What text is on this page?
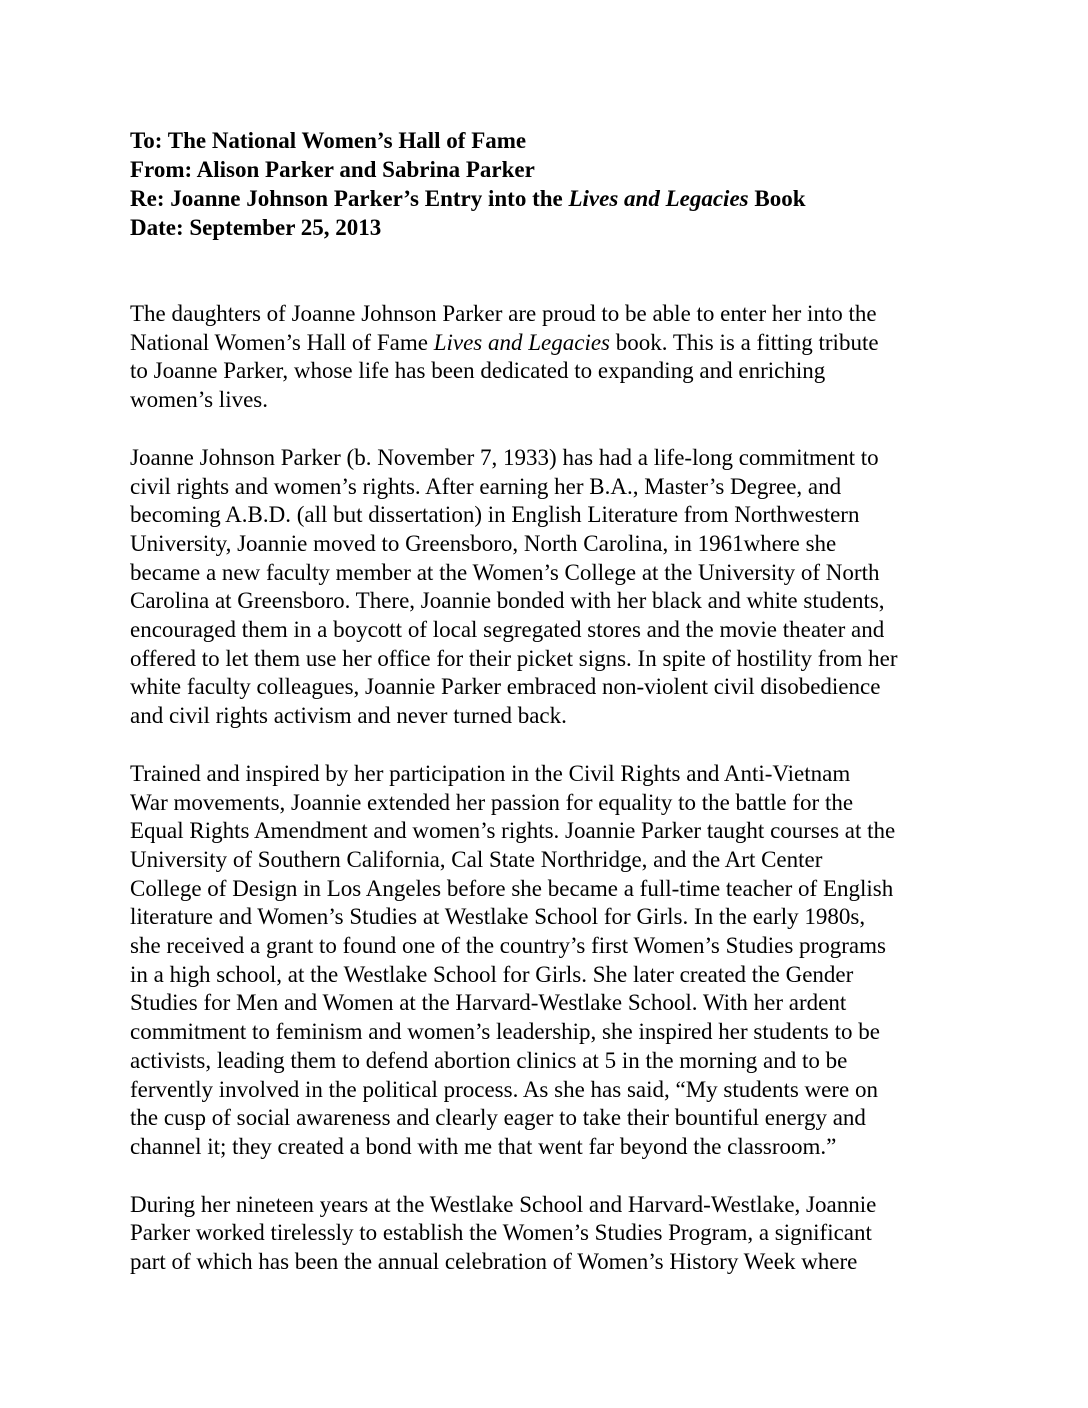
To: The National Women’s Hall of Fame
From: Alison Parker and Sabrina Parker
Re: Joanne Johnson Parker’s Entry into the Lives and Legacies Book
Date: September 25, 2013

The daughters of Joanne Johnson Parker are proud to be able to enter her into the
National Women’s Hall of Fame Lives and Legacies book. This is a fitting tribute
to Joanne Parker, whose life has been dedicated to expanding and enriching
women’s lives.

Joanne Johnson Parker (b. November 7, 1933) has had a life-long commitment to
civil rights and women’s rights. After earning her B.A., Master’s Degree, and
becoming A.B.D. (all but dissertation) in English Literature from Northwestern
University, Joannie moved to Greensboro, North Carolina, in 1961where she
became a new faculty member at the Women’s College at the University of North
Carolina at Greensboro. There, Joannie bonded with her black and white students,
encouraged them in a boycott of local segregated stores and the movie theater and
offered to let them use her office for their picket signs. In spite of hostility from her
white faculty colleagues, Joannie Parker embraced non-violent civil disobedience
and civil rights activism and never turned back.

Trained and inspired by her participation in the Civil Rights and Anti-Vietnam
War movements, Joannie extended her passion for equality to the battle for the
Equal Rights Amendment and women’s rights. Joannie Parker taught courses at the
University of Southern California, Cal State Northridge, and the Art Center
College of Design in Los Angeles before she became a full-time teacher of English
literature and Women’s Studies at Westlake School for Girls. In the early 1980s,
she received a grant to found one of the country’s first Women’s Studies programs
in a high school, at the Westlake School for Girls. She later created the Gender
Studies for Men and Women at the Harvard-Westlake School. With her ardent
commitment to feminism and women’s leadership, she inspired her students to be
activists, leading them to defend abortion clinics at 5 in the morning and to be
fervently involved in the political process. As she has said, “My students were on
the cusp of social awareness and clearly eager to take their bountiful energy and
channel it; they created a bond with me that went far beyond the classroom.”

During her nineteen years at the Westlake School and Harvard-Westlake, Joannie
Parker worked tirelessly to establish the Women’s Studies Program, a significant
part of which has been the annual celebration of Women’s History Week where
